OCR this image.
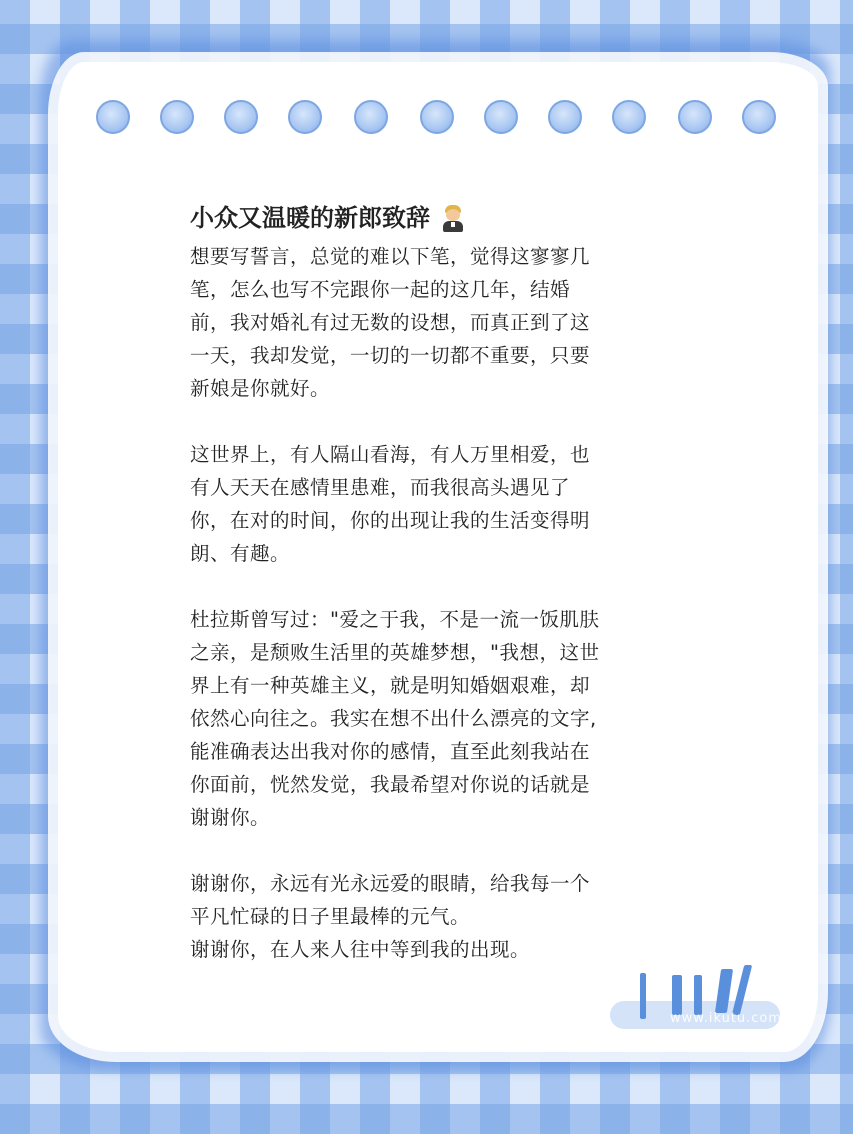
小众又温暖的新郎致辞
想要写誓言，总觉的难以下笔，觉得这寥寥几
笔，怎么也写不完跟你一起的这几年，结婚
前，我对婚礼有过无数的设想，而真正到了这
一天，我却发觉，一切的一切都不重要，只要
新娘是你就好。
这世界上，有人隔山看海，有人万里相爱，也
有人天天在感情里患难，而我很高头遇见了
你，在对的时间，你的出现让我的生活变得明
朗、有趣。
杜拉斯曾写过："爱之于我，不是一流一饭肌肤
之亲，是颓败生活里的英雄梦想，"我想，这世
界上有一种英雄主义，就是明知婚姻艰难，却
依然心向往之。我实在想不出什么漂亮的文字,
能准确表达出我对你的感情，直至此刻我站在
你面前，恍然发觉，我最希望对你说的话就是
谢谢你。
谢谢你，永远有光永远爱的眼睛，给我每一个
平凡忙碌的日子里最棒的元气。
谢谢你，在人来人往中等到我的出现。
www.ikutu.com
